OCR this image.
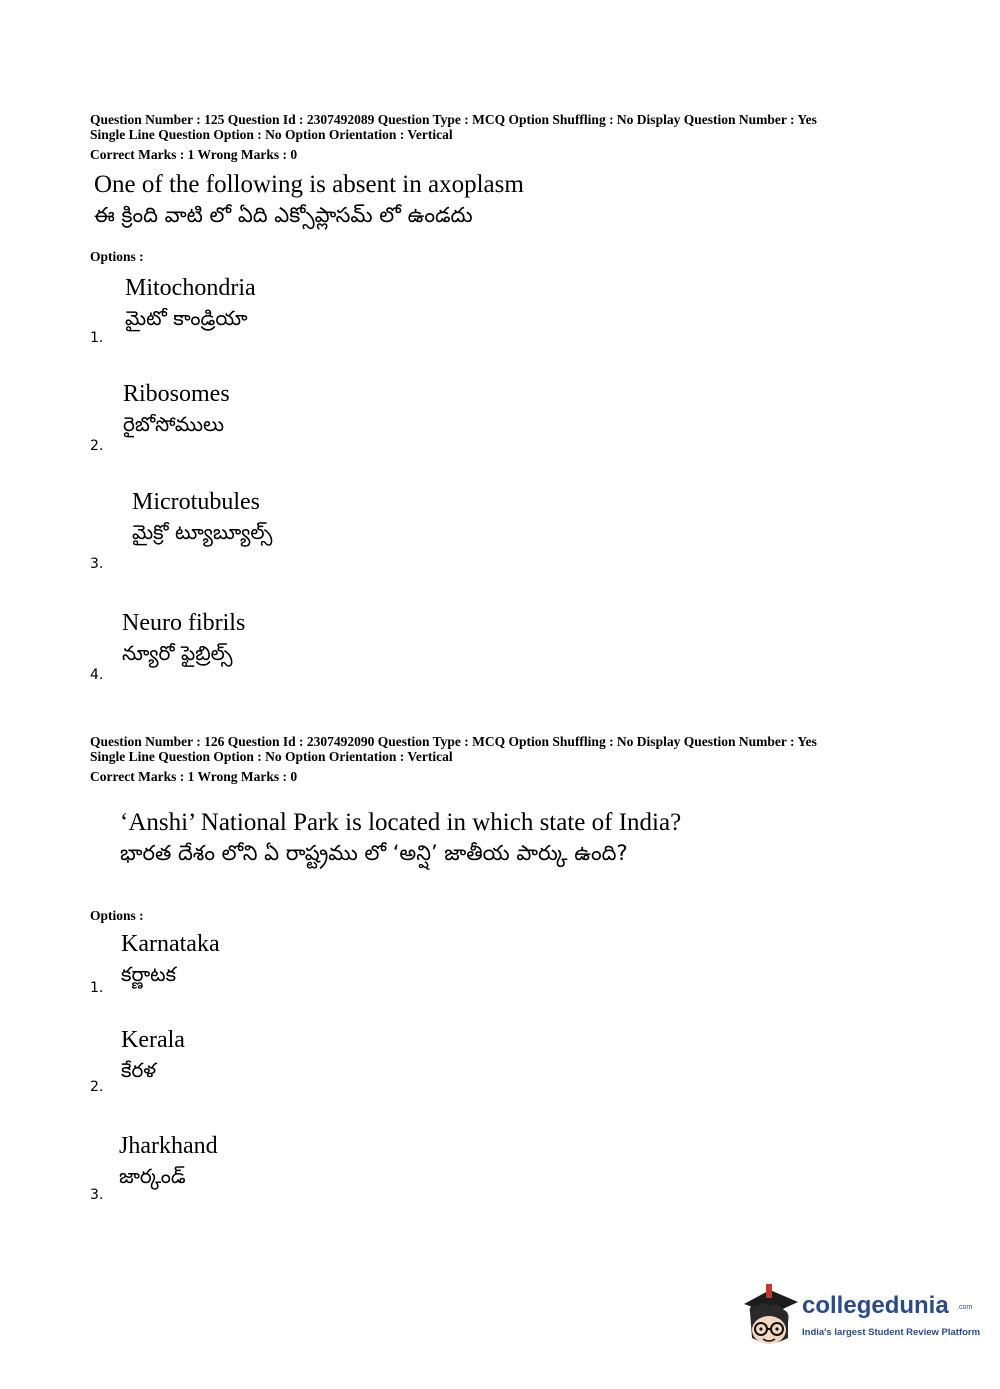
Question Number : 125 Question Id : 2307492089 Question Type : MCQ Option Shuffling : No Display Question Number : Yes
Single Line Question Option : No Option Orientation : Vertical
Correct Marks : 1 Wrong Marks : 0
One of the following is absent in axoplasm
ఈ క్రింది వాటి లో ఏది ఎక్సోప్లాసమ్ లో ఉండదు
Options :
Mitochondria
మైటో కాండ్రియా
1.
Ribosomes
రైబోసోములు
2.
Microtubules
మైక్రో ట్యూబ్యూల్స్
3.
Neuro fibrils
న్యూరో ఫైబ్రిల్స్
4.
Question Number : 126 Question Id : 2307492090 Question Type : MCQ Option Shuffling : No Display Question Number : Yes
Single Line Question Option : No Option Orientation : Vertical
Correct Marks : 1 Wrong Marks : 0
‘Anshi’ National Park is located in which state of India?
భారత దేశం లోని ఏ రాష్ట్రము లో ‘అన్షి’ జాతీయ పార్కు ఉంది?
Options :
Karnataka
కర్ణాటక
1.
Kerala
కేరళ
2.
Jharkhand
జార్కండ్
3.
collegedunia .com
India's largest Student Review Platform
